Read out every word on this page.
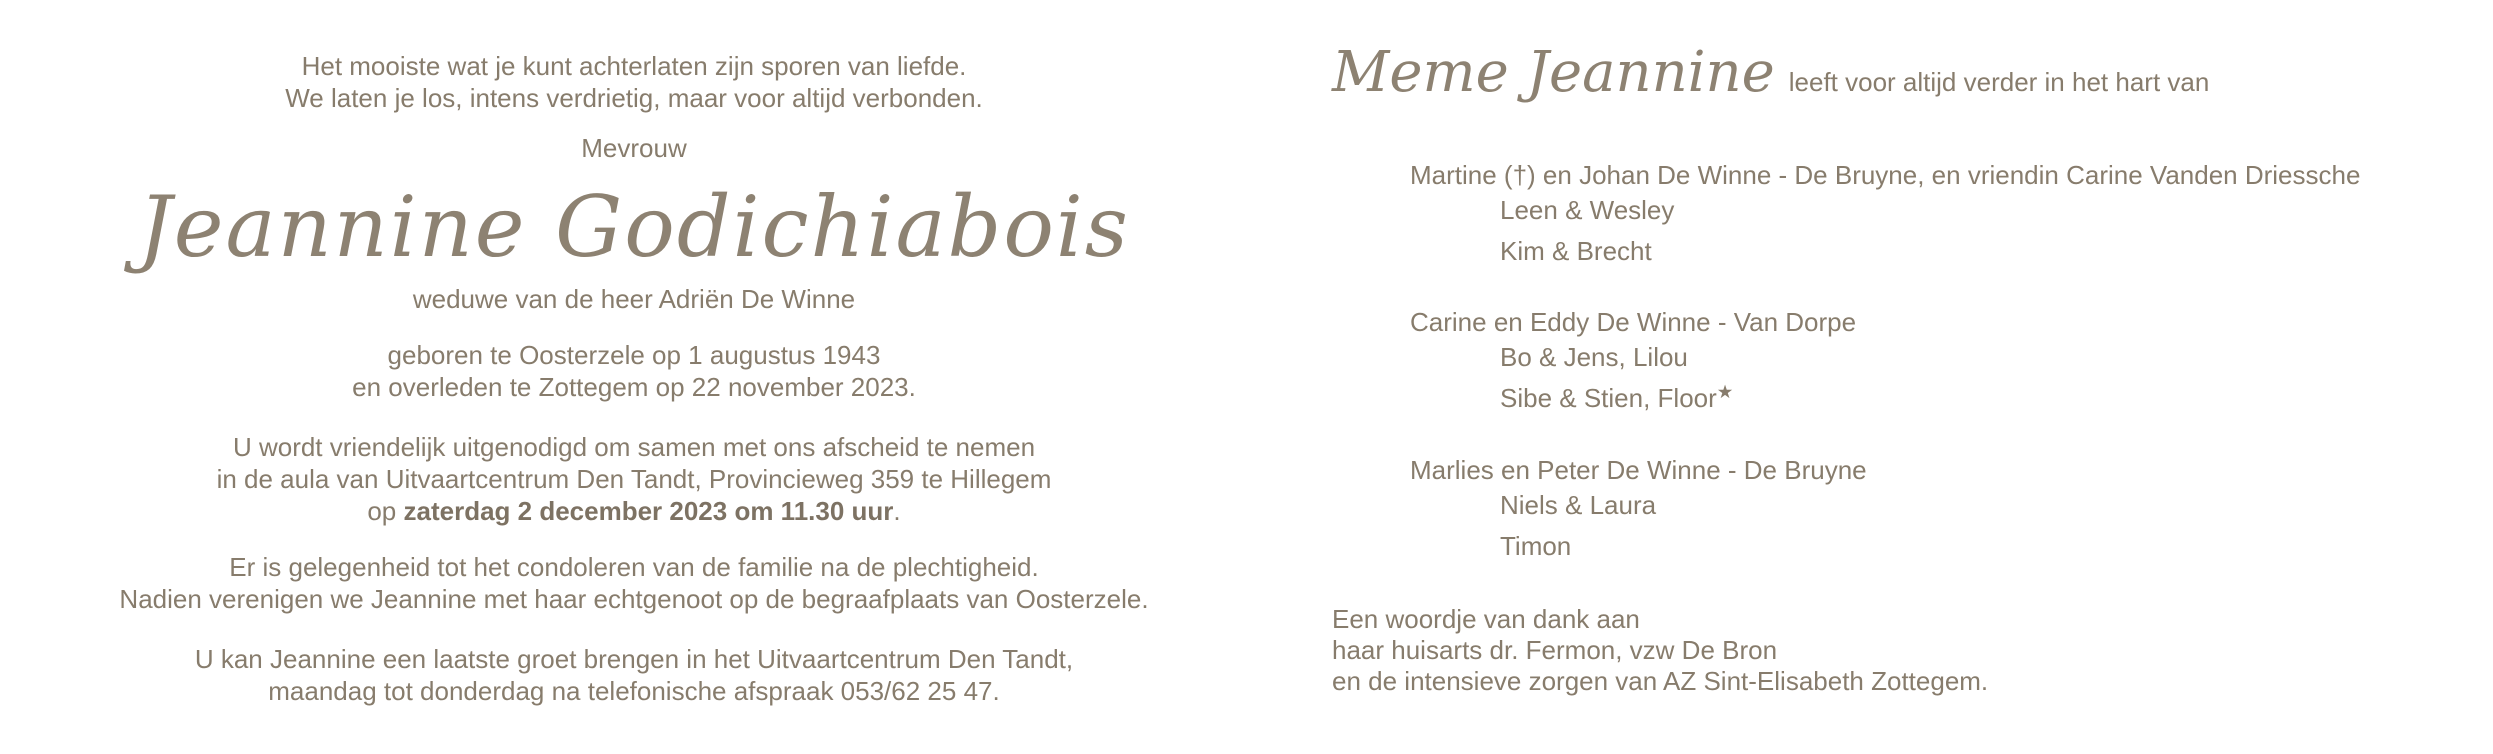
Het mooiste wat je kunt achterlaten zijn sporen van liefde.
We laten je los, intens verdrietig, maar voor altijd verbonden.
Mevrouw
Jeannine Godichiabois
weduwe van de heer Adriën De Winne
geboren te Oosterzele op 1 augustus 1943
en overleden te Zottegem op 22 november 2023.
U wordt vriendelijk uitgenodigd om samen met ons afscheid te nemen
in de aula van Uitvaartcentrum Den Tandt, Provincieweg 359 te Hillegem
op zaterdag 2 december 2023 om 11.30 uur.
Er is gelegenheid tot het condoleren van de familie na de plechtigheid.
Nadien verenigen we Jeannine met haar echtgenoot op de begraafplaats van Oosterzele.
U kan Jeannine een laatste groet brengen in het Uitvaartcentrum Den Tandt,
maandag tot donderdag na telefonische afspraak 053/62 25 47.
Meme Jeannine leeft voor altijd verder in het hart van
Martine (†) en Johan De Winne - De Bruyne, en vriendin Carine Vanden Driessche
Leen & Wesley
Kim & Brecht
Carine en Eddy De Winne - Van Dorpe
Bo & Jens, Lilou
Sibe & Stien, Floor★
Marlies en Peter De Winne - De Bruyne
Niels & Laura
Timon
Een woordje van dank aan
haar huisarts dr. Fermon, vzw De Bron
en de intensieve zorgen van AZ Sint-Elisabeth Zottegem.
